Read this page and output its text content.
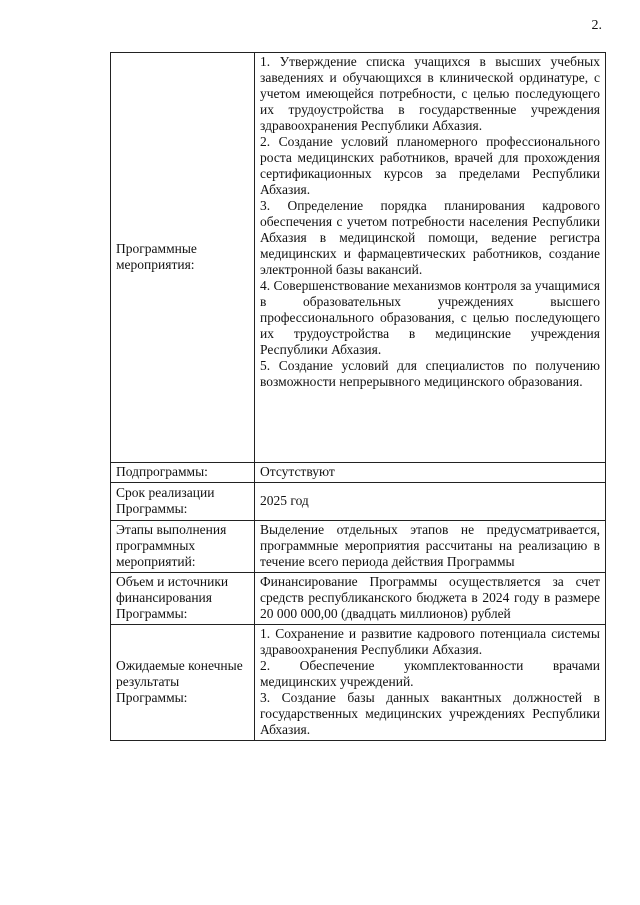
2.
Программные мероприятия:	1. Утверждение списка учащихся в высших учебных заведениях и обучающихся в клинической ординатуре, с учетом имеющейся потребности, с целью последующего их трудоустройства в государственные учреждения здравоохранения Республики Абхазия.

2. Создание условий планомерного профессионального роста медицинских работников, врачей для прохождения сертификационных курсов за пределами Республики Абхазия.

3. Определение порядка планирования кадрового обеспечения с учетом потребности населения Республики Абхазия в медицинской помощи, ведение регистра медицинских и фармацевтических работников, создание электронной базы вакансий.

4. Совершенствование механизмов контроля за учащимися в образовательных учреждениях высшего профессионального образования, с целью последующего их трудоустройства в медицинские учреждения Республики Абхазия.

5. Создание условий для специалистов по получению возможности непрерывного медицинского образования.

Подпрограммы:	Отсутствуют

Срок реализации Программы:	2025 год

Этапы выполнения программных мероприятий:	Выделение отдельных этапов не предусматривается, программные мероприятия рассчитаны на реализацию в течение всего периода действия Программы

Объем и источники финансирования Программы:	Финансирование Программы осуществляется за счет средств республиканского бюджета в 2024 году в размере 20 000 000,00 (двадцать миллионов) рублей

Ожидаемые конечные результаты Программы:	1. Сохранение и развитие кадрового потенциала системы здравоохранения Республики Абхазия.

2. Обеспечение укомплектованности врачами медицинских учреждений.

3. Создание базы данных вакантных должностей в государственных медицинских учреждениях Республики Абхазия.
